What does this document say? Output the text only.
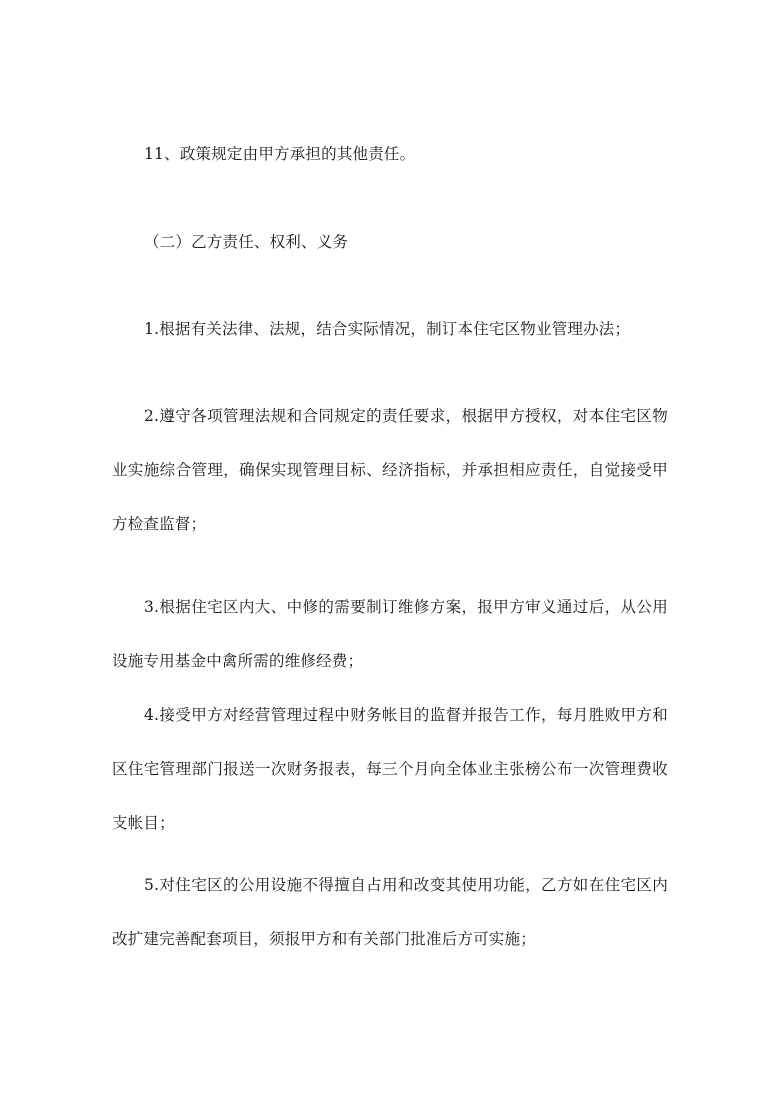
11、政策规定由甲方承担的其他责任。

（二）乙方责任、权利、义务

1.根据有关法律、法规，结合实际情况，制订本住宅区物业管理办法；

2.遵守各项管理法规和合同规定的责任要求，根据甲方授权，对本住宅区物业实施综合管理，确保实现管理目标、经济指标，并承担相应责任，自觉接受甲方检查监督；

3.根据住宅区内大、中修的需要制订维修方案，报甲方审义通过后，从公用设施专用基金中禽所需的维修经费；

4.接受甲方对经营管理过程中财务帐目的监督并报告工作，每月胜败甲方和区住宅管理部门报送一次财务报表，每三个月向全体业主张榜公布一次管理费收支帐目；

5.对住宅区的公用设施不得擅自占用和改变其使用功能，乙方如在住宅区内改扩建完善配套项目，须报甲方和有关部门批准后方可实施；
